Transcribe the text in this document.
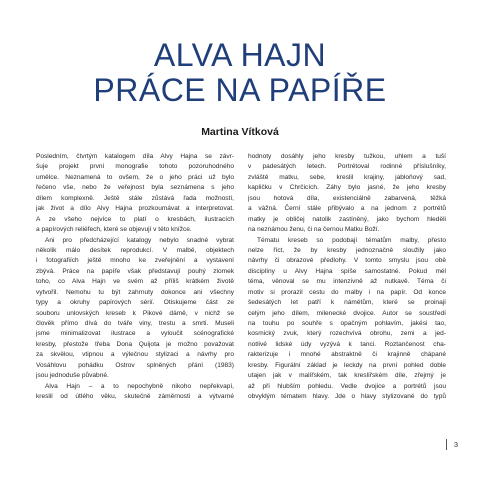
ALVA HAJN
PRÁCE NA PAPÍŘE
Martina Vítková
Posledním, čtvrtým katalogem díla Alvy Hajna se závr-
šuje projekt první monografie tohoto pozoruhodného
umělce. Neznamená to ovšem, že o jeho práci už bylo
řečeno vše, nebo že veřejnost byla seznámena s jeho
dílem komplexně. Ještě stále zůstává řada možností,
jak život a dílo Alvy Hajna prozkoumávat a interpretovat.
A ze všeho nejvíce to platí o kresbách, ilustracích
a papírových reliéfech, které se objevují v této knížce.
Ani pro předcházející katalogy nebylo snadné vybrat
několik málo desítek reprodukcí. V malbě, objektech
i fotografiích ještě mnoho ke zveřejnění a vystavení
zbývá. Práce na papíře však představují pouhý zlomek
toho, co Alva Hajn ve svém až příliš krátkém životě
vytvořil. Nemohu tu být zahrnuty dokonce ani všechny
typy a okruhy papírových sérií. Otiskujeme část ze
souboru unlovských kreseb k Pikové dámě, v nichž se
člověk přímo dívá do tváře viny, trestu a smrti. Museli
jsme minimalizovat ilustrace a vyloučit scénografické
kresby, přestože třeba Dona Quijota je možno považovat
za skvělou, vtipnou a výlečnou stylizaci a návrhy pro
Vosáhlovu pohádku Ostrov splněných přání (1983)
jsou jednoduše půvabné.
Alva Hajn – a to nepochybně nikoho nepřekvapí,
kreslil od útlého věku, skutečně záměrnosti a výtvarné
hodnoty dosáhly jeho kresby tužkou, uhlem a tuší
v padesátých letech. Portrétoval rodinné příslušníky,
zvláště matku, sebe, kreslil krajiny, jabloňový sad,
kapličku v Chrčicích. Záhy bylo jasné, že jeho kresby
jsou hotová díla, existenciálně zabarvená, těžká
a vážná. Černí stále přibývalo a na jednom z portrétů
matky je obličej natolik zastíněný, jako bychom hleděli
na neznámou ženu, či na černou Matku Boží.
Tématu kreseb so podobají tématům malby, přesto
nelze říct, že by kresby jednoznačně sloužily jako
návrhy či obrazové předlohy. V tomto smyslu jsou obě
disciplíny u Alvy Hajna spíše samostatné. Pokud mél
téma, věnoval se mu intenzivně až nutkavě. Téma či
motiv si prorazil cestu do malby i na papír. Od konce
šedesátých let patří k námětům, které se proinají
celým jeho dílem, milenecké dvojice. Autor se soustředí
na touhu po souhře s opačným pohlavím, jakési tao,
kosmický zvuk, který rozechvívá obrohu, zemi a jed-
notlivé lidské údy vyzývá k tanci. Roztančenost cha-
rakterizuje i mnohé abstraktně či krajinně chápané
kresby. Figurální základ je leckdy na první pohled doble
utajen jak v malířském, tak kreslířském díle, zřejmý je
až při hlubším pohledu. Vedle dvojice a portrétů jsou
obvyklým tématem hlavy. Jde o hlavy stylizované do typů
3
